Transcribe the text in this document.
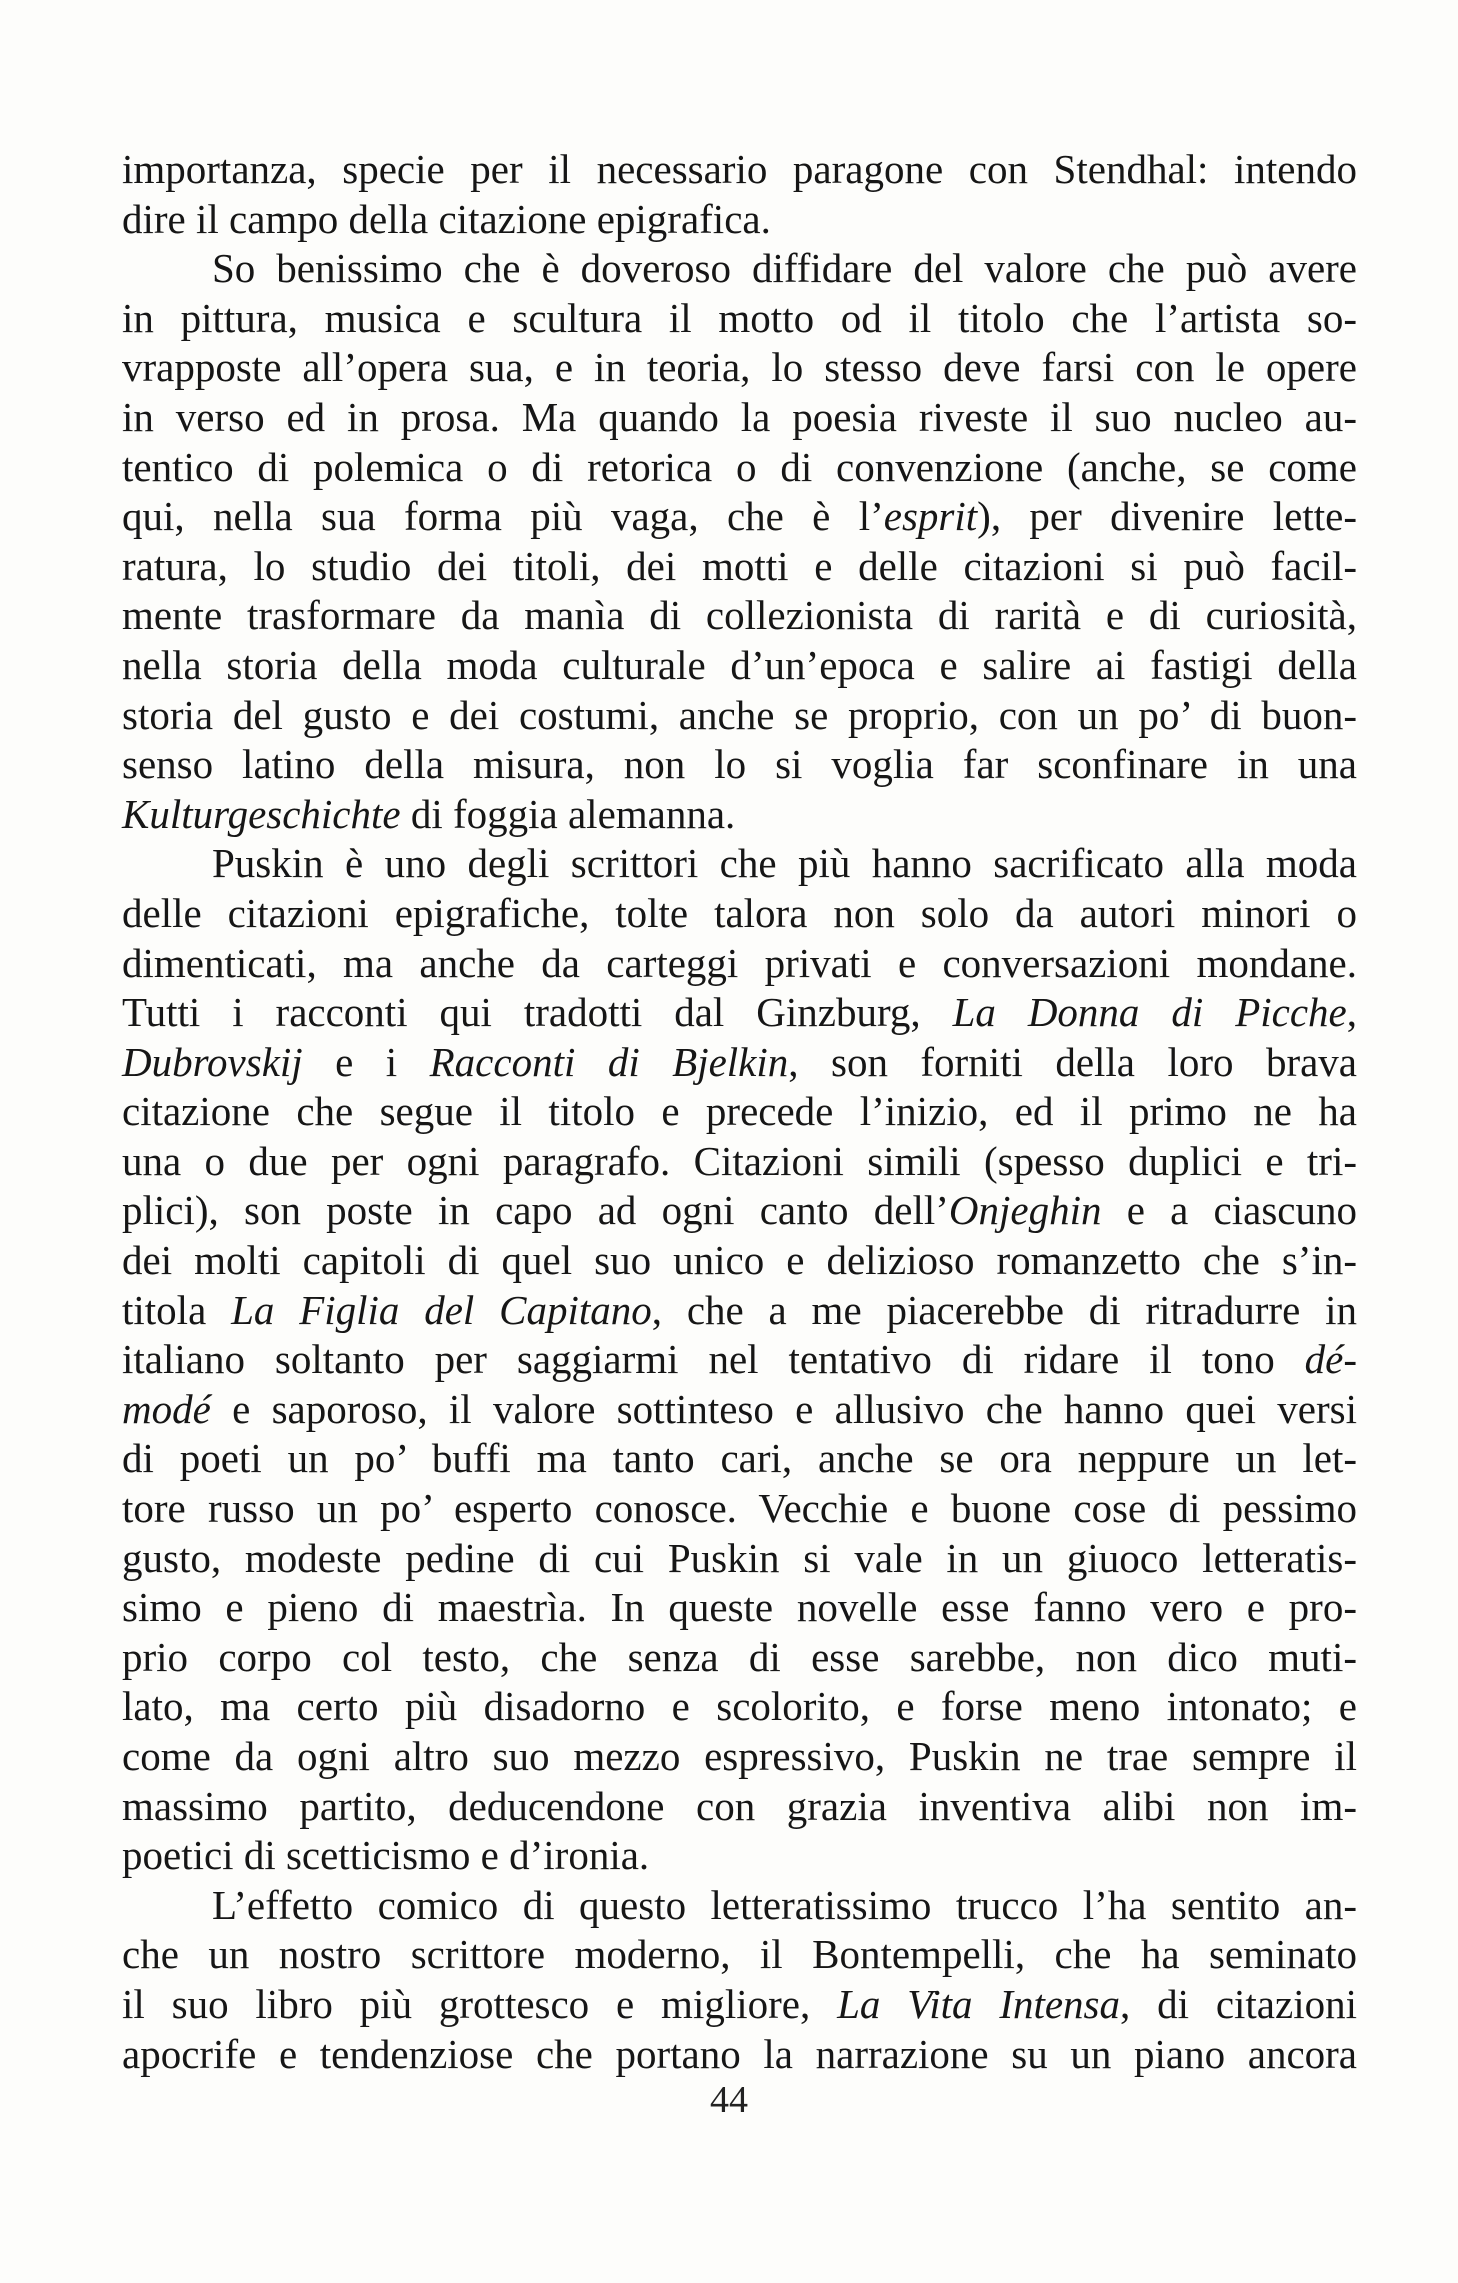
importanza, specie per il necessario paragone con Stendhal: intendo
dire il campo della citazione epigrafica.
So benissimo che è doveroso diffidare del valore che può avere
in pittura, musica e scultura il motto od il titolo che l’artista so-
vrapposte all’opera sua, e in teoria, lo stesso deve farsi con le opere
in verso ed in prosa. Ma quando la poesia riveste il suo nucleo au-
tentico di polemica o di retorica o di convenzione (anche, se come
qui, nella sua forma più vaga, che è l’esprit), per divenire lette-
ratura, lo studio dei titoli, dei motti e delle citazioni si può facil-
mente trasformare da manìa di collezionista di rarità e di curiosità,
nella storia della moda culturale d’un’epoca e salire ai fastigi della
storia del gusto e dei costumi, anche se proprio, con un po’ di buon-
senso latino della misura, non lo si voglia far sconfinare in una
Kulturgeschichte di foggia alemanna.
Puskin è uno degli scrittori che più hanno sacrificato alla moda
delle citazioni epigrafiche, tolte talora non solo da autori minori o
dimenticati, ma anche da carteggi privati e conversazioni mondane.
Tutti i racconti qui tradotti dal Ginzburg, La Donna di Picche,
Dubrovskij e i Racconti di Bjelkin, son forniti della loro brava
citazione che segue il titolo e precede l’inizio, ed il primo ne ha
una o due per ogni paragrafo. Citazioni simili (spesso duplici e tri-
plici), son poste in capo ad ogni canto dell’Onjeghin e a ciascuno
dei molti capitoli di quel suo unico e delizioso romanzetto che s’in-
titola La Figlia del Capitano, che a me piacerebbe di ritradurre in
italiano soltanto per saggiarmi nel tentativo di ridare il tono dé-
modé e saporoso, il valore sottinteso e allusivo che hanno quei versi
di poeti un po’ buffi ma tanto cari, anche se ora neppure un let-
tore russo un po’ esperto conosce. Vecchie e buone cose di pessimo
gusto, modeste pedine di cui Puskin si vale in un giuoco letteratis-
simo e pieno di maestrìa. In queste novelle esse fanno vero e pro-
prio corpo col testo, che senza di esse sarebbe, non dico muti-
lato, ma certo più disadorno e scolorito, e forse meno intonato; e
come da ogni altro suo mezzo espressivo, Puskin ne trae sempre il
massimo partito, deducendone con grazia inventiva alibi non im-
poetici di scetticismo e d’ironia.
L’effetto comico di questo letteratissimo trucco l’ha sentito an-
che un nostro scrittore moderno, il Bontempelli, che ha seminato
il suo libro più grottesco e migliore, La Vita Intensa, di citazioni
apocrife e tendenziose che portano la narrazione su un piano ancora
44
